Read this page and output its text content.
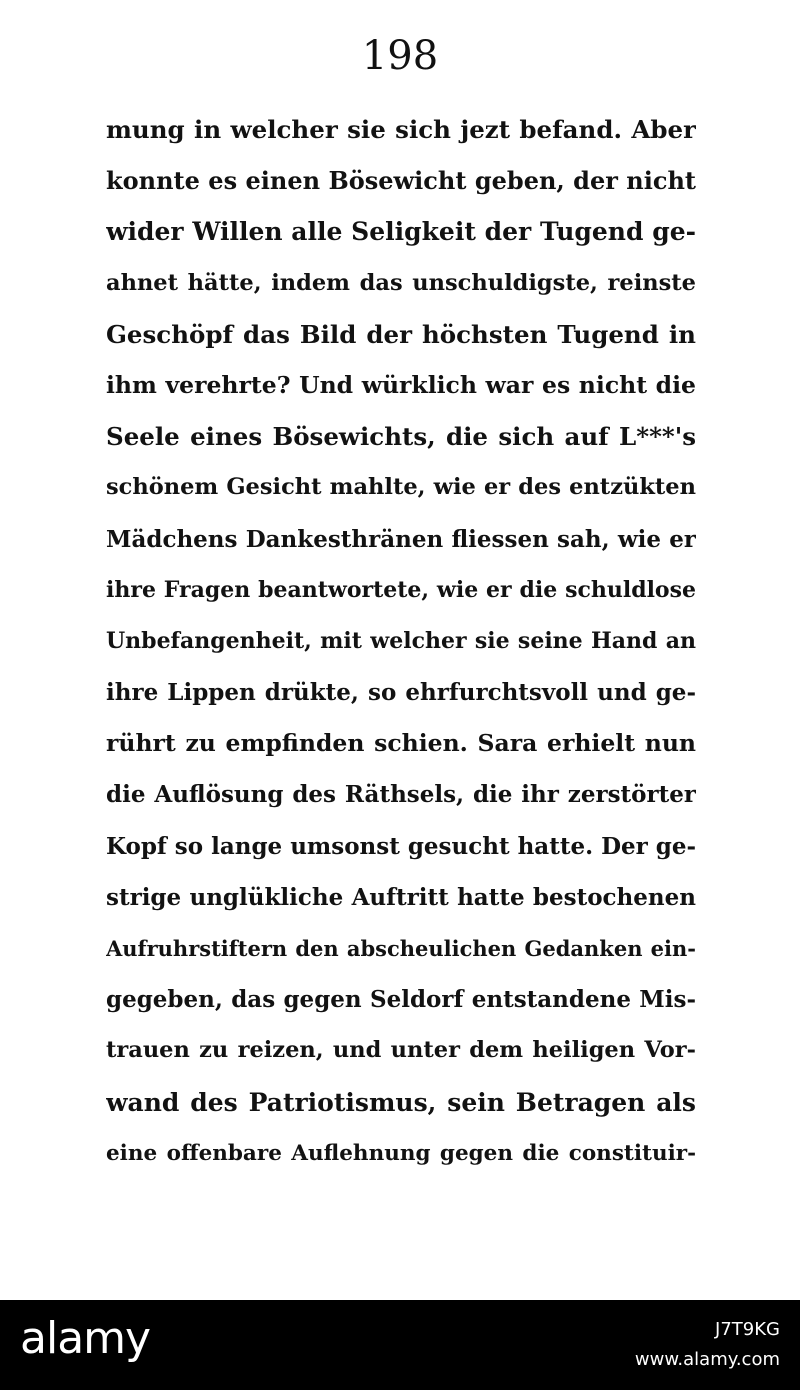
198
mung in welcher sie sich jezt befand. Aber
konnte es einen Bösewicht geben, der nicht
wider Willen alle Seligkeit der Tugend ge-
ahnet hätte, indem das unschuldigste, reinste
Geschöpf das Bild der höchsten Tugend in
ihm verehrte? Und würklich war es nicht die
Seele eines Bösewichts, die sich auf L***'s
schönem Gesicht mahlte, wie er des entzükten
Mädchens Dankesthränen fliessen sah, wie er
ihre Fragen beantwortete, wie er die schuldlose
Unbefangenheit, mit welcher sie seine Hand an
ihre Lippen drükte, so ehrfurchtsvoll und ge-
rührt zu empfinden schien. Sara erhielt nun
die Auflösung des Räthsels, die ihr zerstörter
Kopf so lange umsonst gesucht hatte. Der ge-
strige unglükliche Auftritt hatte bestochenen
Aufruhrstiftern den abscheulichen Gedanken ein-
gegeben, das gegen Seldorf entstandene Mis-
trauen zu reizen, und unter dem heiligen Vor-
wand des Patriotismus, sein Betragen als
eine offenbare Auflehnung gegen die constituir-
alamy	J7T9KG
www.alamy.com
